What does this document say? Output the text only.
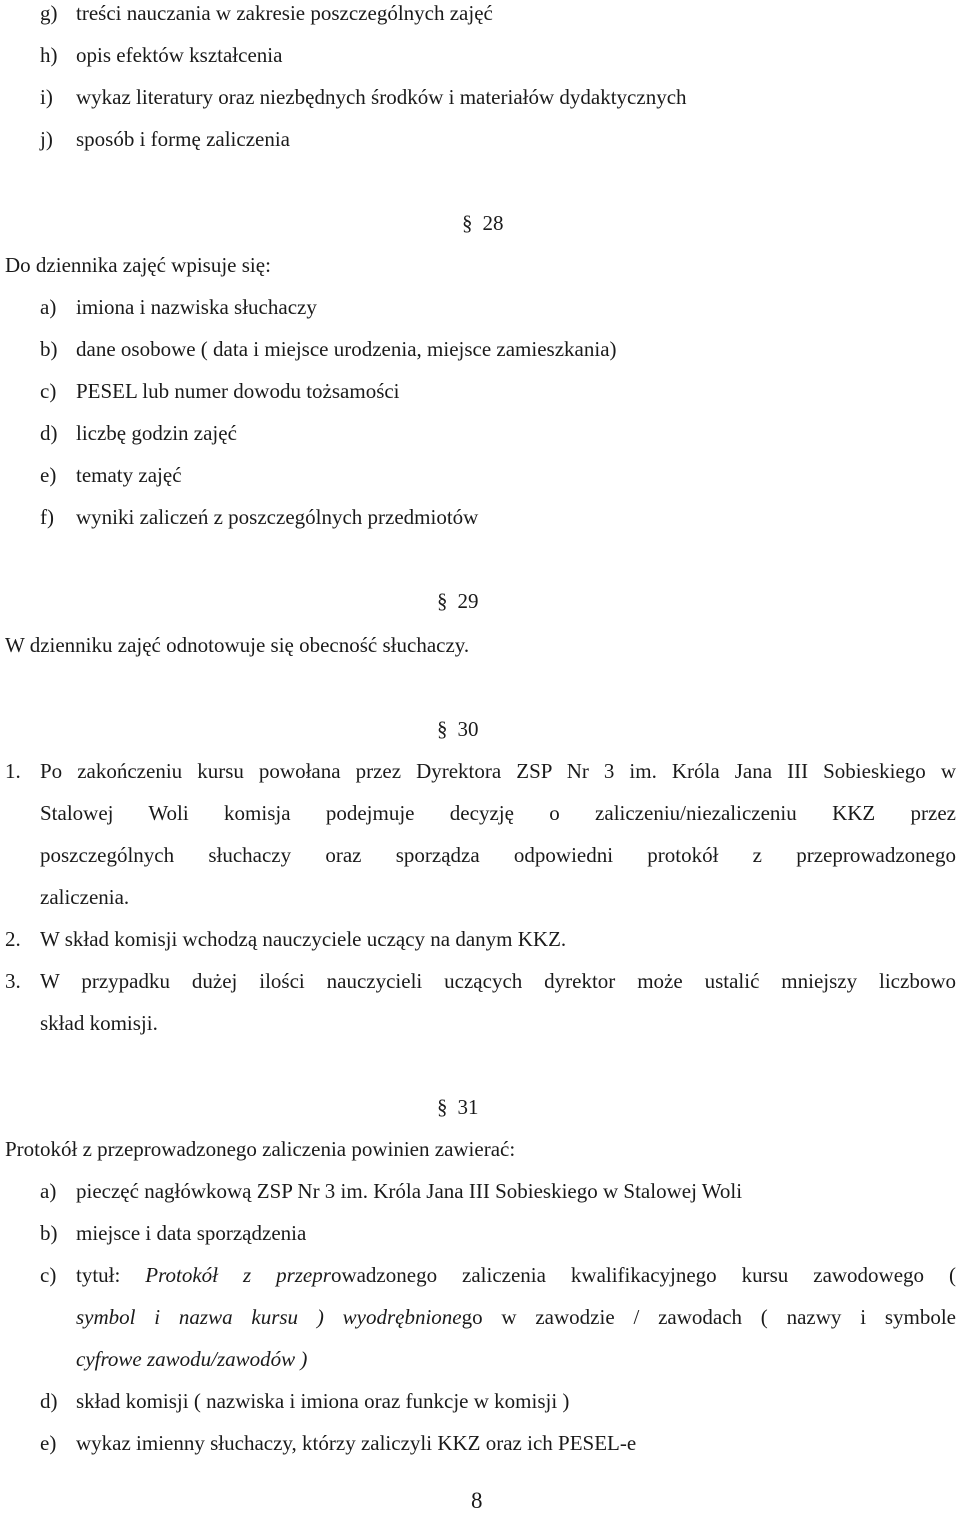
g) treści nauczania w zakresie poszczególnych zajęć
h) opis efektów kształcenia
i) wykaz literatury oraz niezbędnych środków i materiałów dydaktycznych
j) sposób i formę zaliczenia
§ 28
Do dziennika zajęć wpisuje się:
a) imiona i nazwiska słuchaczy
b) dane osobowe ( data i miejsce urodzenia, miejsce zamieszkania)
c) PESEL lub numer dowodu tożsamości
d) liczbę godzin zajęć
e) tematy zajęć
f) wyniki zaliczeń z poszczególnych przedmiotów
§ 29
W dzienniku zajęć odnotowuje się obecność słuchaczy.
§ 30
1. Po zakończeniu kursu powołana przez Dyrektora ZSP Nr 3 im. Króla Jana III Sobieskiego w
Stalowej Woli komisja podejmuje decyzję o zaliczeniu/niezaliczeniu KKZ przez
poszczególnych słuchaczy oraz sporządza odpowiedni protokół z przeprowadzonego
zaliczenia.
2. W skład komisji wchodzą nauczyciele uczący na danym KKZ.
3. W przypadku dużej ilości nauczycieli uczących dyrektor może ustalić mniejszy liczbowo
skład komisji.
§ 31
Protokół z przeprowadzonego zaliczenia powinien zawierać:
a) pieczęć nagłówkową ZSP Nr 3 im. Króla Jana III Sobieskiego w Stalowej Woli
b) miejsce i data sporządzenia
c) tytuł: Protokół z przeprowadzonego zaliczenia kwalifikacyjnego kursu zawodowego (
symbol i nazwa kursu ) wyodrębnionego w zawodzie / zawodach ( nazwy i symbole
cyfrowe zawodu/zawodów )
d) skład komisji ( nazwiska i imiona oraz funkcje w komisji )
e) wykaz imienny słuchaczy, którzy zaliczyli KKZ oraz ich PESEL-e
8
